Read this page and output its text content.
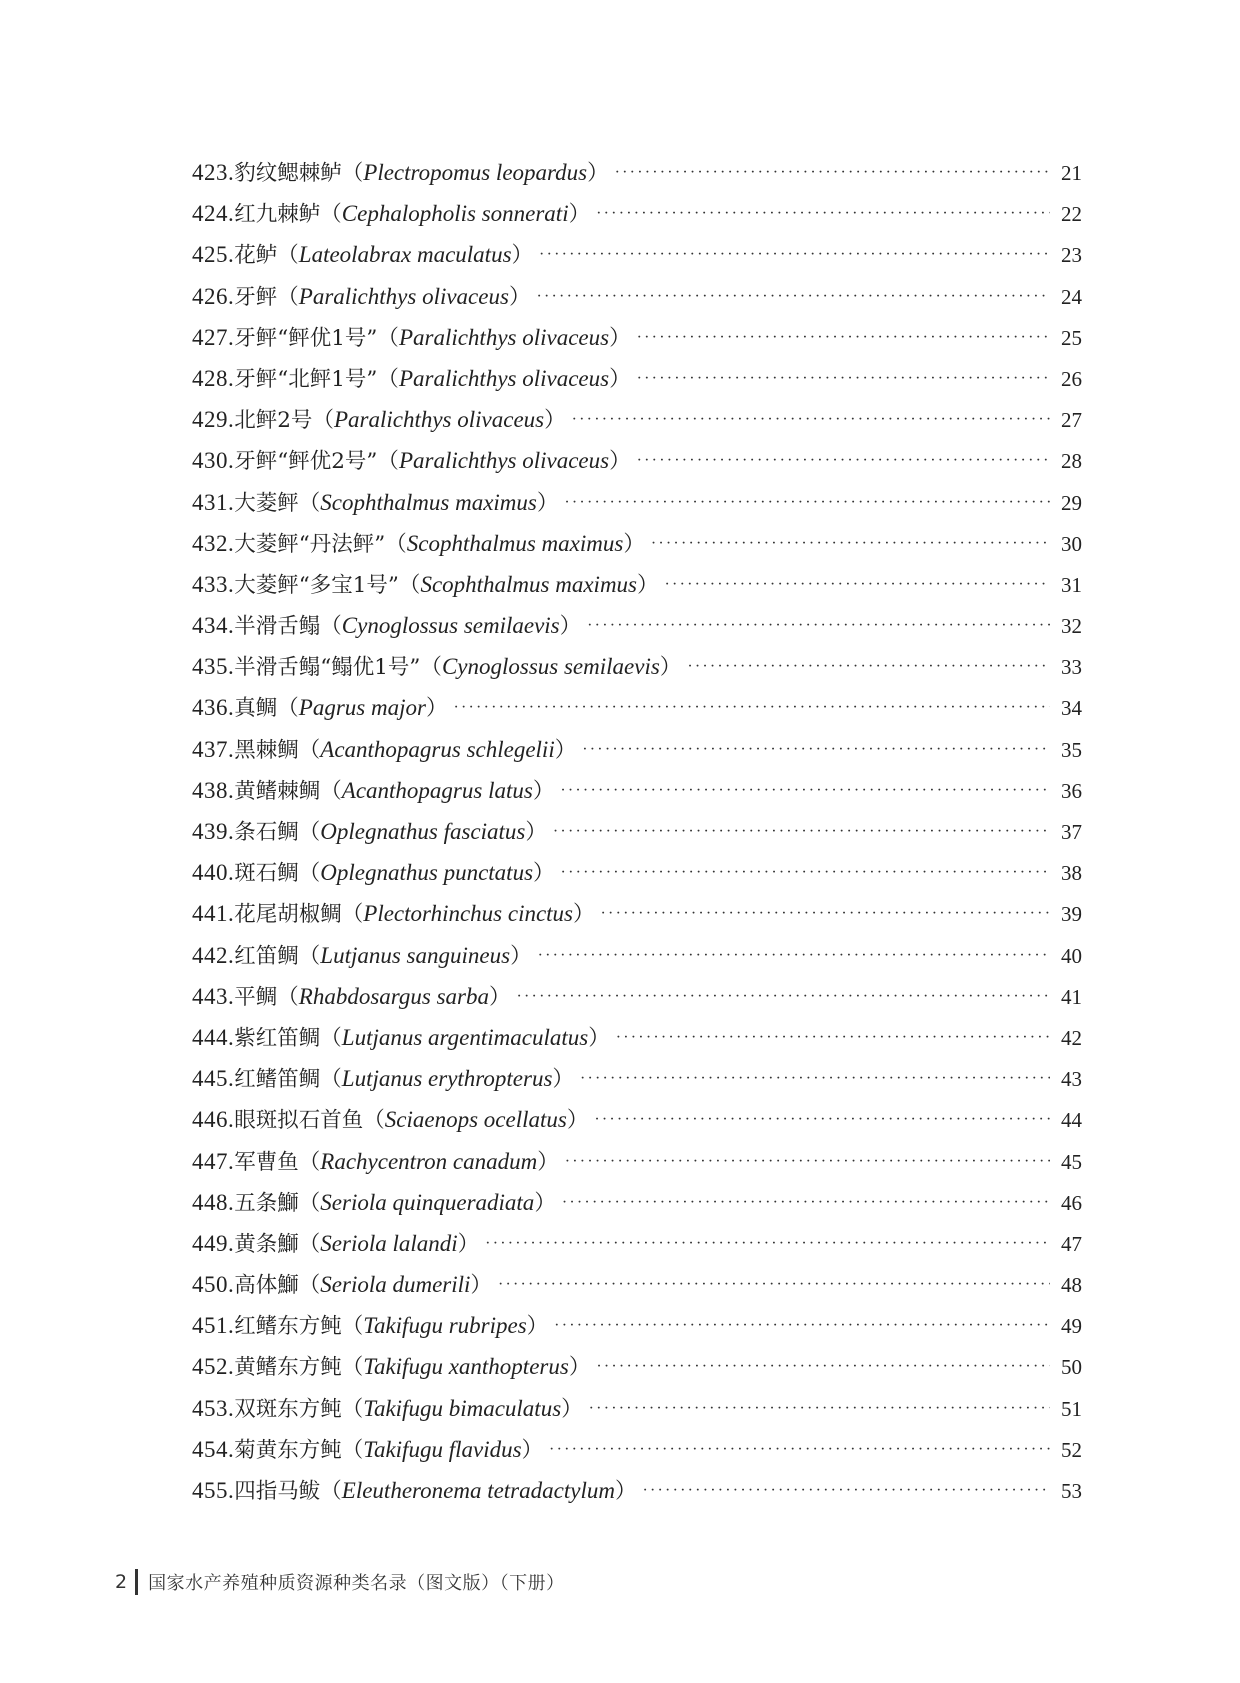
423. 豹纹鳃棘鲈 （ Plectropomus leopardus ） ·····	21
424. 红九棘鲈 （ Cephalopholis sonnerati ） ·····	22
425. 花鲈 （ Lateolabrax maculatus ） ·····	23
426. 牙鲆 （ Paralichthys olivaceus ） ·····	24
427. 牙鲆“鲆优1号” （ Paralichthys olivaceus ） ·····	25
428. 牙鲆“北鲆1号” （ Paralichthys olivaceus ） ·····	26
429. 北鲆2号 （ Paralichthys olivaceus ） ·····	27
430. 牙鲆“鲆优2号” （ Paralichthys olivaceus ） ·····	28
431. 大菱鲆 （ Scophthalmus maximus ） ·····	29
432. 大菱鲆“丹法鲆” （ Scophthalmus maximus ） ·····	30
433. 大菱鲆“多宝1号” （ Scophthalmus maximus ） ·····	31
434. 半滑舌鳎 （ Cynoglossus semilaevis ） ·····	32
435. 半滑舌鳎“鳎优1号” （ Cynoglossus semilaevis ） ·····	33
436. 真鲷 （ Pagrus major ） ·····	34
437. 黑棘鲷 （ Acanthopagrus schlegelii ） ·····	35
438. 黄鳍棘鲷 （ Acanthopagrus latus ） ·····	36
439. 条石鲷 （ Oplegnathus fasciatus ） ·····	37
440. 斑石鲷 （ Oplegnathus punctatus ） ·····	38
441. 花尾胡椒鲷 （ Plectorhinchus cinctus ） ·····	39
442. 红笛鲷 （ Lutjanus sanguineus ） ·····	40
443. 平鲷 （ Rhabdosargus sarba ） ·····	41
444. 紫红笛鲷 （ Lutjanus argentimaculatus ） ·····	42
445. 红鳍笛鲷 （ Lutjanus erythropterus ） ·····	43
446. 眼斑拟石首鱼 （ Sciaenops ocellatus ） ·····	44
447. 军曹鱼 （ Rachycentron canadum ） ·····	45
448. 五条鰤 （ Seriola quinqueradiata ） ·····	46
449. 黄条鰤 （ Seriola lalandi ） ·····	47
450. 高体鰤 （ Seriola dumerili ） ·····	48
451. 红鳍东方鲀 （ Takifugu rubripes ） ·····	49
452. 黄鳍东方鲀 （ Takifugu xanthopterus ） ·····	50
453. 双斑东方鲀 （ Takifugu bimaculatus ） ·····	51
454. 菊黄东方鲀 （ Takifugu flavidus ） ·····	52
455. 四指马鲅 （ Eleutheronema tetradactylum ） ·····	53
2 国家水产养殖种质资源种类名录（图文版）（下册）
